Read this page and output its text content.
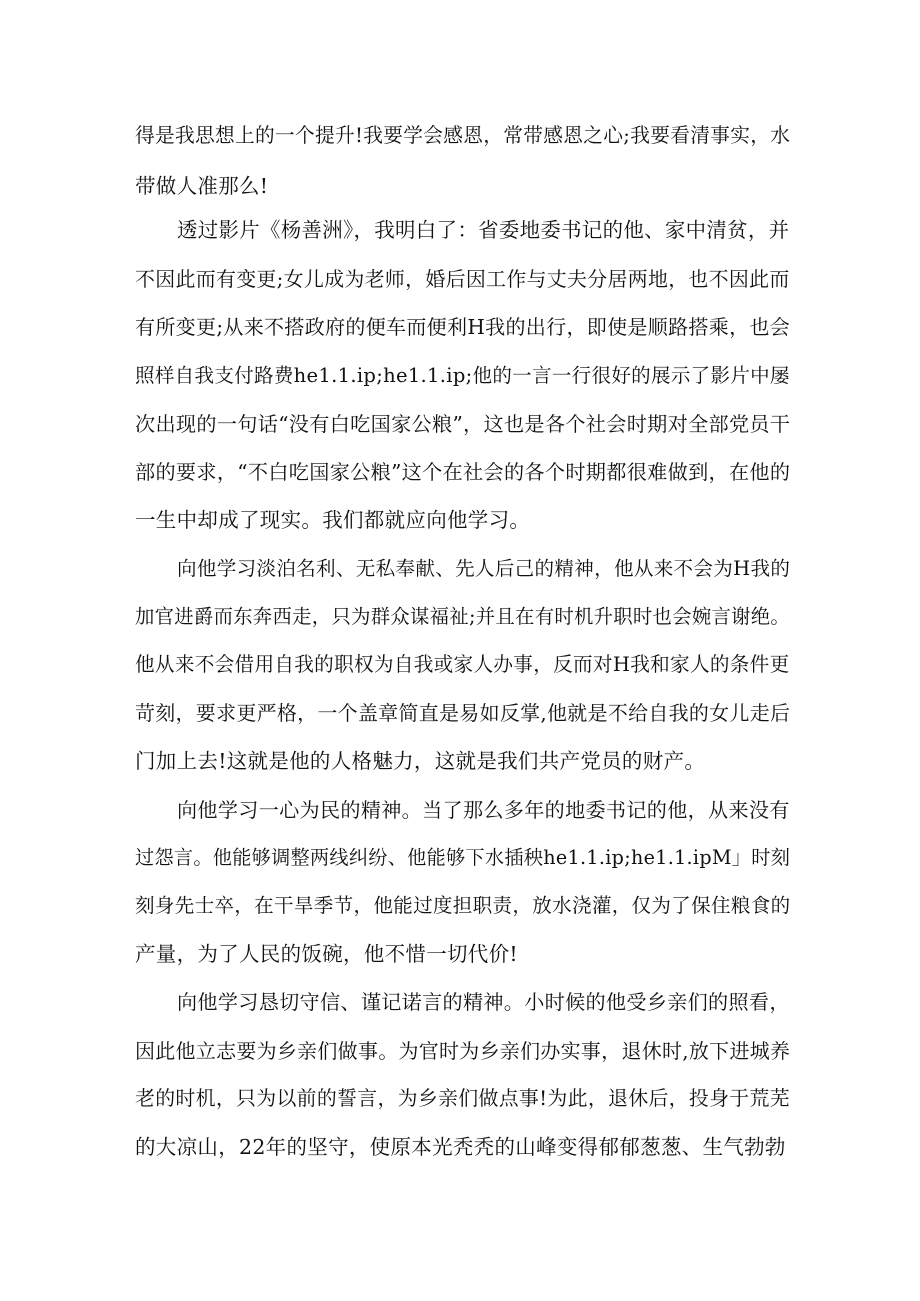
得是我思想上的一个提升!我要学会感恩，常带感恩之心;我要看清事实，水
带做人准那么!
透过影片《杨善洲》，我明白了：省委地委书记的他、家中清贫，并
不因此而有变更;女儿成为老师，婚后因工作与丈夫分居两地，也不因此而
有所变更;从来不搭政府的便车而便利H我的出行，即使是顺路搭乘，也会
照样自我支付路费he1.1.ip;he1.1.ip;他的一言一行很好的展示了影片中屡
次出现的一句话“没有白吃国家公粮”，这也是各个社会时期对全部党员干
部的要求，“不白吃国家公粮”这个在社会的各个时期都很难做到，在他的
一生中却成了现实。我们都就应向他学习。
向他学习淡泊名利、无私奉献、先人后己的精神，他从来不会为H我的
加官进爵而东奔西走，只为群众谋福祉;并且在有时机升职时也会婉言谢绝。
他从来不会借用自我的职权为自我或家人办事，反而对H我和家人的条件更
苛刻，要求更严格，一个盖章简直是易如反掌,他就是不给自我的女儿走后
门加上去!这就是他的人格魅力，这就是我们共产党员的财产。
向他学习一心为民的精神。当了那么多年的地委书记的他，从来没有
过怨言。他能够调整两线纠纷、他能够下水插秧he1.1.ip;he1.1.ipM」时刻
刻身先士卒，在干旱季节，他能过度担职责，放水浇灌，仅为了保住粮食的
产量，为了人民的饭碗，他不惜一切代价!
向他学习恳切守信、谨记诺言的精神。小时候的他受乡亲们的照看，
因此他立志要为乡亲们做事。为官时为乡亲们办实事，退休时,放下进城养
老的时机，只为以前的誓言，为乡亲们做点事!为此，退休后，投身于荒芜
的大凉山，22年的坚守，使原本光秃秃的山峰变得郁郁葱葱、生气勃勃
